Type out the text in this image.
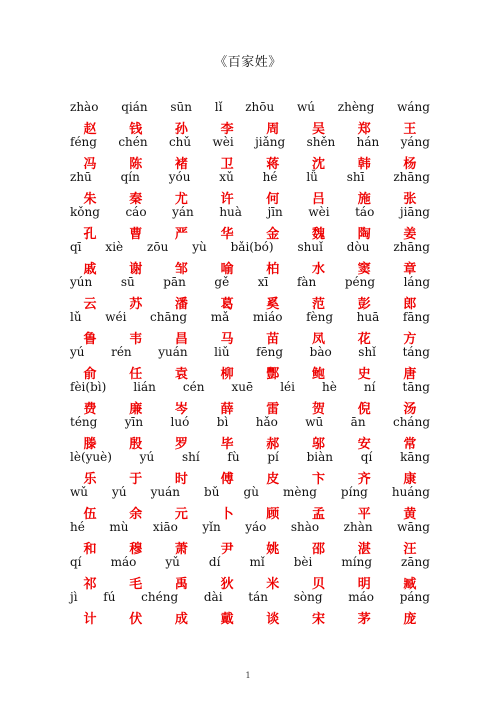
《百家姓》
zhào qián sūn lǐ zhōu wú zhèng wáng
赵	钱	孙	李	周	吴	郑	王
féng chén chǔ wèi jiǎng shěn hán yáng
冯	陈	褚	卫	蒋	沈	韩	杨
zhū qín yóu xǔ hé lǚ shī zhāng
朱	秦	尤	许	何	吕	施	张
kǒng cáo yán huà jīn wèi táo jiāng
孔	曹	严	华	金	魏	陶	姜
qī xiè zōu yù bǎi(bó) shuǐ dòu zhāng
戚	谢	邹	喻	柏	水	窦	章
yún sū pān gě xī fàn péng láng
云	苏	潘	葛	奚	范	彭	郎
lǔ wéi chāng mǎ miáo fèng huā fāng
鲁	韦	昌	马	苗	凤	花	方
yú rén yuán liǔ fēng bào shǐ táng
俞	任	袁	柳	酆	鲍	史	唐
fèi(bì) lián cén xuē léi hè ní tāng
费	廉	岑	薛	雷	贺	倪	汤
téng yīn luó bì hǎo wū ān cháng
滕	殷	罗	毕	郝	邬	安	常
lè(yuè) yú shí fù pí biàn qí kāng
乐	于	时	傅	皮	卞	齐	康
wǔ yú yuán bǔ gù mèng píng huáng
伍	余	元	卜	顾	孟	平	黄
hé mù xiāo yǐn yáo shào zhàn wāng
和	穆	萧	尹	姚	邵	湛	汪
qí máo yǔ dí mǐ bèi míng zāng
祁	毛	禹	狄	米	贝	明	臧
jì fú chéng dài tán sòng máo páng
计	伏	成	戴	谈	宋	茅	庞
1
